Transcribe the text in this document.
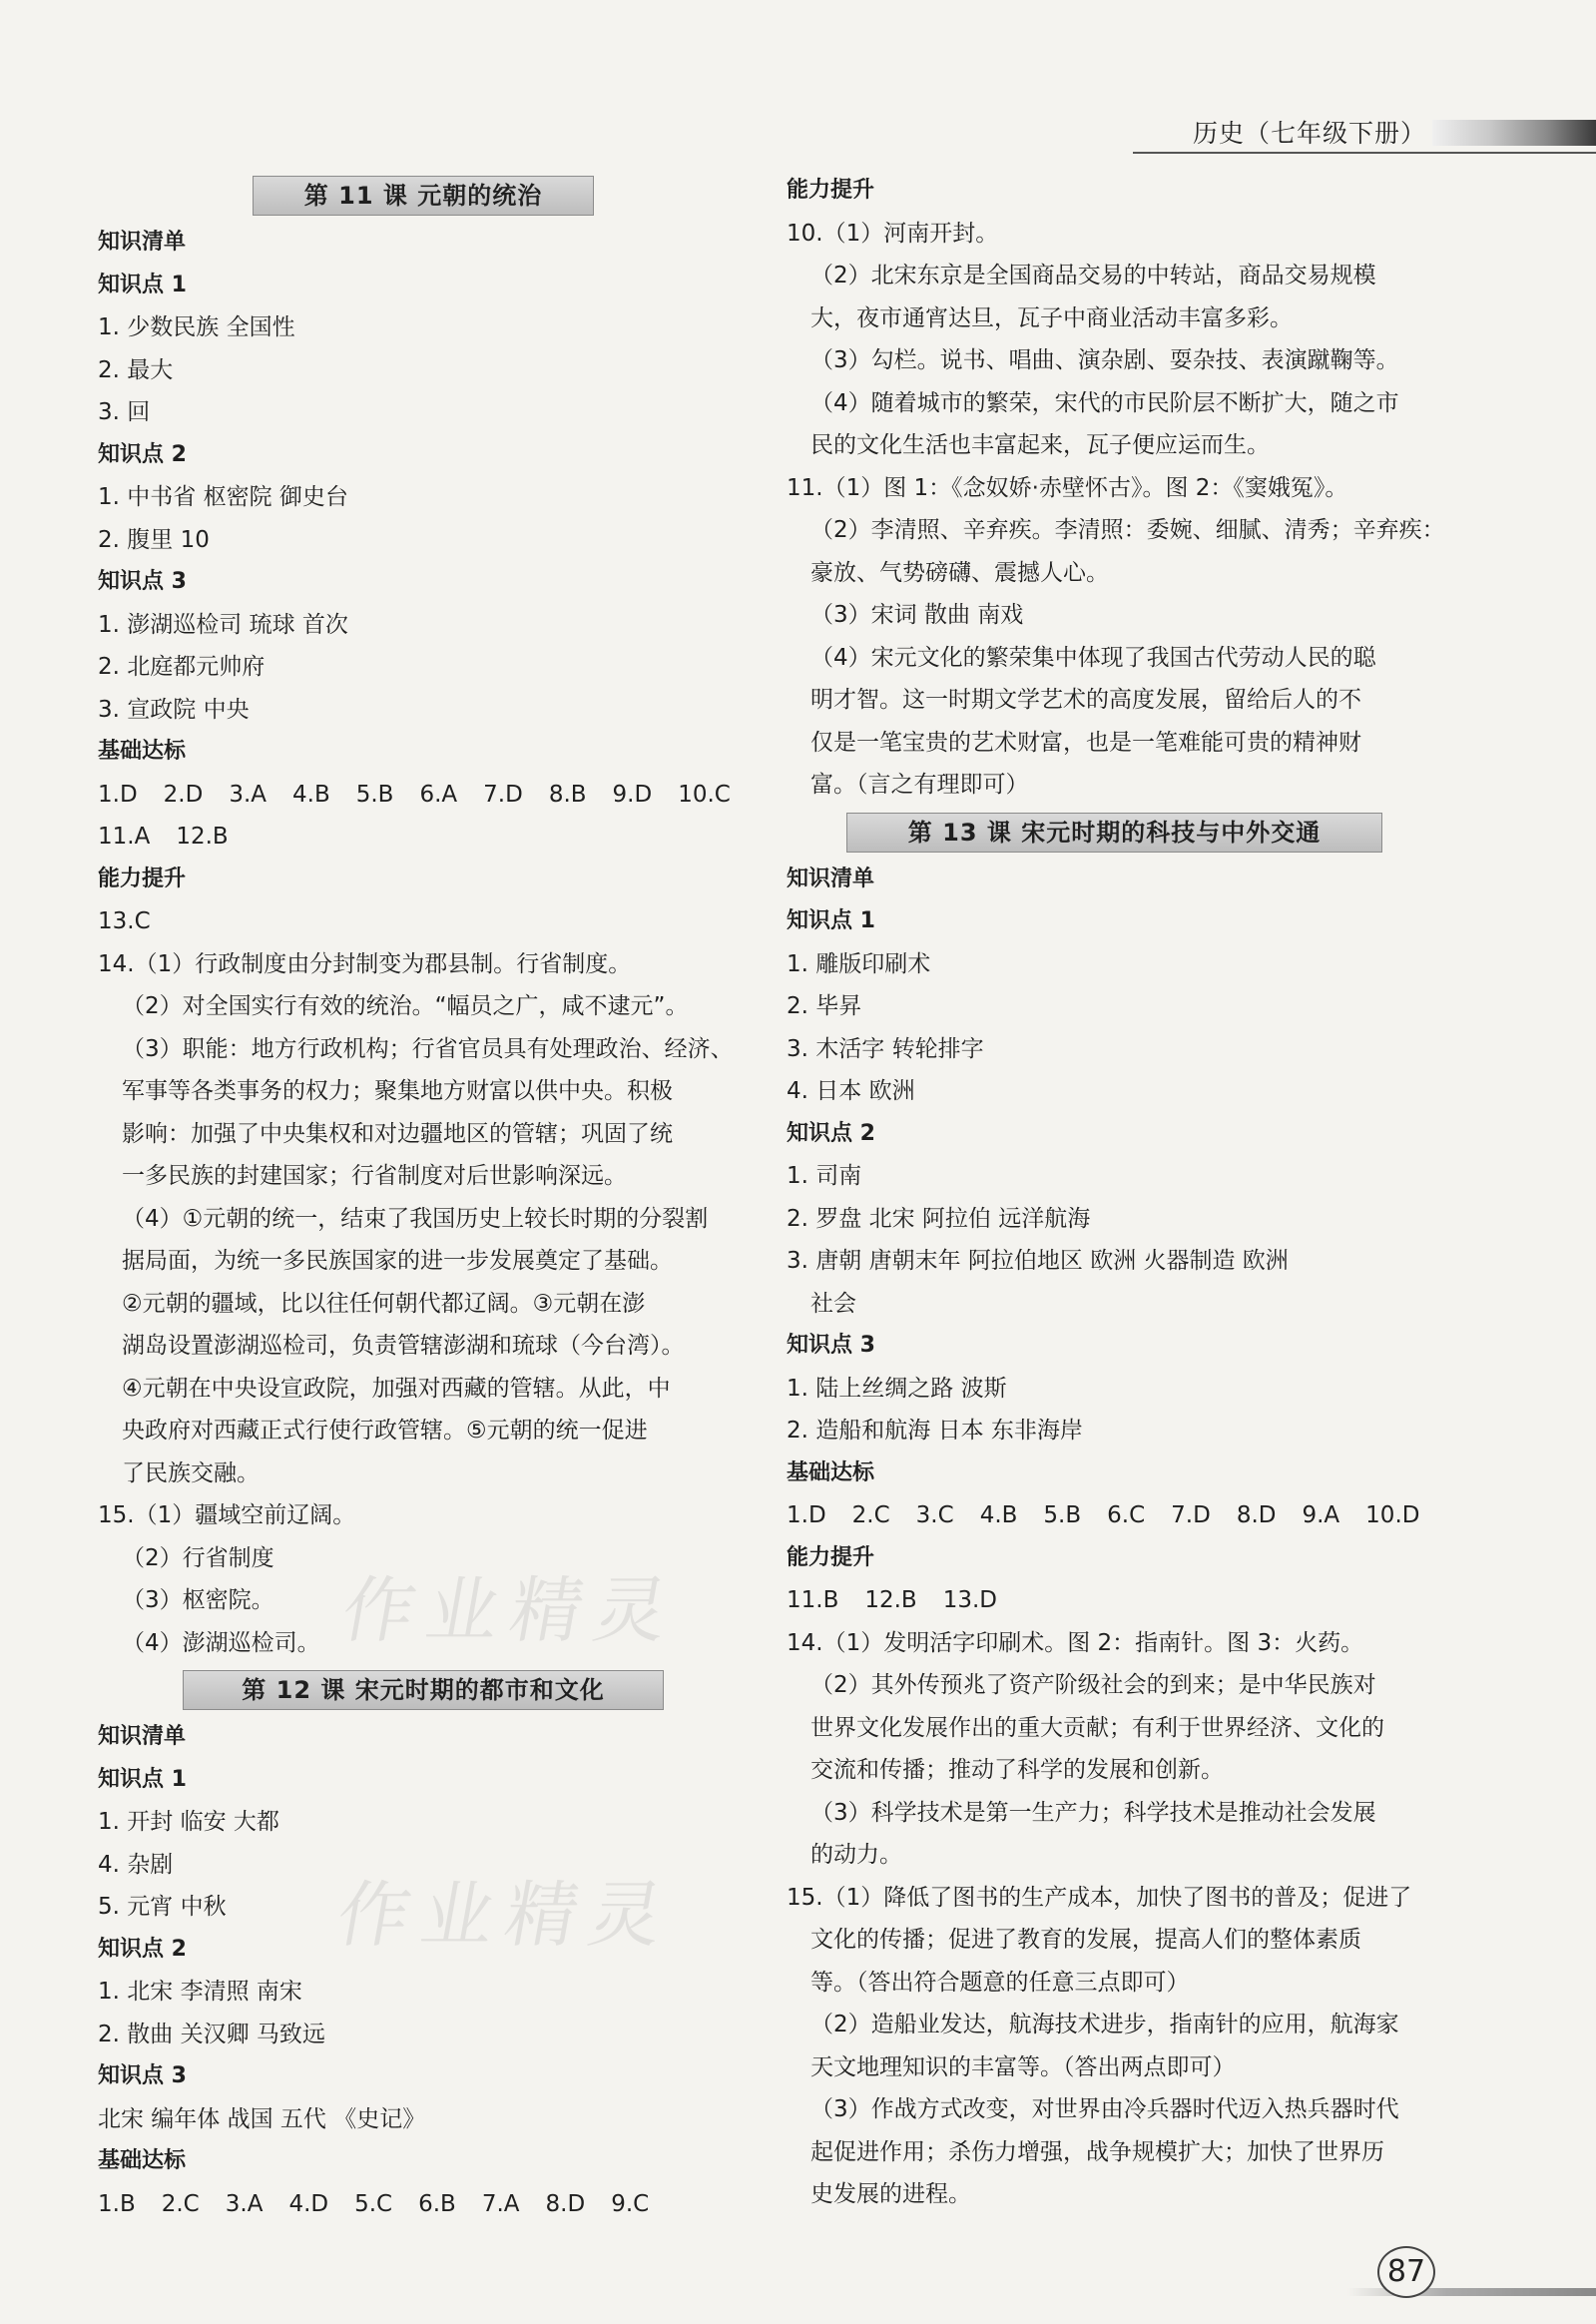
历史（七年级下册）
作业精灵
作业精灵
第 11 课 元朝的统治
知识清单
知识点 1
1. 少数民族 全国性
2. 最大
3. 回
知识点 2
1. 中书省 枢密院 御史台
2. 腹里 10
知识点 3
1. 澎湖巡检司 琉球 首次
2. 北庭都元帅府
3. 宣政院 中央
基础达标
1.D 2.D 3.A 4.B 5.B 6.A 7.D 8.B 9.D 10.C
11.A 12.B
能力提升
13.C
14.（1）行政制度由分封制变为郡县制。行省制度。
（2）对全国实行有效的统治。“幅员之广，咸不逮元”。
（3）职能：地方行政机构；行省官员具有处理政治、经济、
军事等各类事务的权力；聚集地方财富以供中央。积极
影响：加强了中央集权和对边疆地区的管辖；巩固了统
一多民族的封建国家；行省制度对后世影响深远。
（4）①元朝的统一，结束了我国历史上较长时期的分裂割
据局面，为统一多民族国家的进一步发展奠定了基础。
②元朝的疆域，比以往任何朝代都辽阔。③元朝在澎
湖岛设置澎湖巡检司，负责管辖澎湖和琉球（今台湾）。
④元朝在中央设宣政院，加强对西藏的管辖。从此，中
央政府对西藏正式行使行政管辖。⑤元朝的统一促进
了民族交融。
15.（1）疆域空前辽阔。
（2）行省制度
（3）枢密院。
（4）澎湖巡检司。
第 12 课 宋元时期的都市和文化
知识清单
知识点 1
1. 开封 临安 大都
4. 杂剧
5. 元宵 中秋
知识点 2
1. 北宋 李清照 南宋
2. 散曲 关汉卿 马致远
知识点 3
北宋 编年体 战国 五代 《史记》
基础达标
1.B 2.C 3.A 4.D 5.C 6.B 7.A 8.D 9.C
能力提升
10.（1）河南开封。
（2）北宋东京是全国商品交易的中转站，商品交易规模
大，夜市通宵达旦，瓦子中商业活动丰富多彩。
（3）勾栏。说书、唱曲、演杂剧、耍杂技、表演蹴鞠等。
（4）随着城市的繁荣，宋代的市民阶层不断扩大，随之市
民的文化生活也丰富起来，瓦子便应运而生。
11.（1）图 1：《念奴娇·赤壁怀古》。图 2：《窦娥冤》。
（2）李清照、辛弃疾。李清照：委婉、细腻、清秀；辛弃疾：
豪放、气势磅礴、震撼人心。
（3）宋词 散曲 南戏
（4）宋元文化的繁荣集中体现了我国古代劳动人民的聪
明才智。这一时期文学艺术的高度发展，留给后人的不
仅是一笔宝贵的艺术财富，也是一笔难能可贵的精神财
富。（言之有理即可）
第 13 课 宋元时期的科技与中外交通
知识清单
知识点 1
1. 雕版印刷术
2. 毕昇
3. 木活字 转轮排字
4. 日本 欧洲
知识点 2
1. 司南
2. 罗盘 北宋 阿拉伯 远洋航海
3. 唐朝 唐朝末年 阿拉伯地区 欧洲 火器制造 欧洲
社会
知识点 3
1. 陆上丝绸之路 波斯
2. 造船和航海 日本 东非海岸
基础达标
1.D 2.C 3.C 4.B 5.B 6.C 7.D 8.D 9.A 10.D
能力提升
11.B 12.B 13.D
14.（1）发明活字印刷术。图 2：指南针。图 3：火药。
（2）其外传预兆了资产阶级社会的到来；是中华民族对
世界文化发展作出的重大贡献；有利于世界经济、文化的
交流和传播；推动了科学的发展和创新。
（3）科学技术是第一生产力；科学技术是推动社会发展
的动力。
15.（1）降低了图书的生产成本，加快了图书的普及；促进了
文化的传播；促进了教育的发展，提高人们的整体素质
等。（答出符合题意的任意三点即可）
（2）造船业发达，航海技术进步，指南针的应用，航海家
天文地理知识的丰富等。（答出两点即可）
（3）作战方式改变，对世界由冷兵器时代迈入热兵器时代
起促进作用；杀伤力增强，战争规模扩大；加快了世界历
史发展的进程。
87
